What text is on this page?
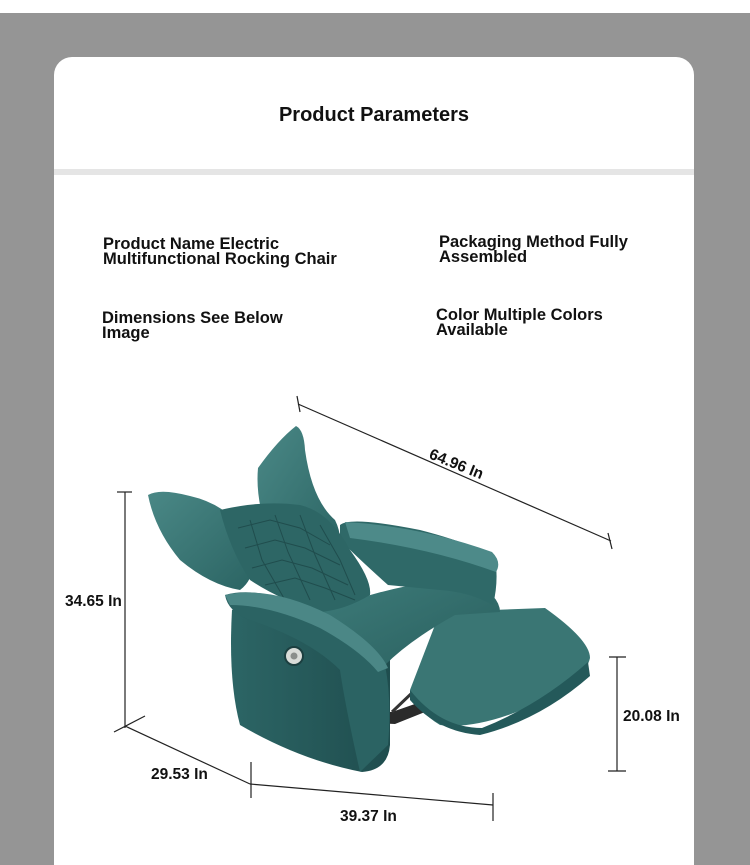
Product Parameters
Product Name Electric Multifunctional Rocking Chair
Packaging Method Fully Assembled
Dimensions See Below Image
Color Multiple Colors Available
64.96 In
34.65 In
20.08 In
29.53 In
39.37 In
